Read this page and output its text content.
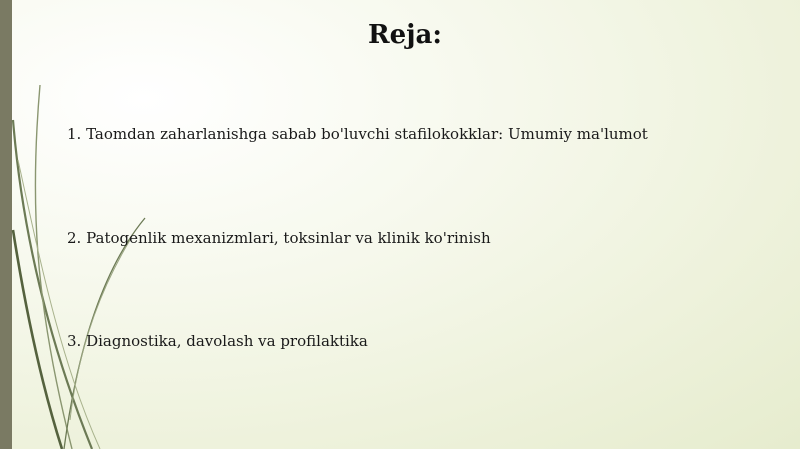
Reja:
1. Taomdan zaharlanishga sabab bo'luvchi stafilokokklar: Umumiy ma'lumot
2. Patogenlik mexanizmlari, toksinlar va klinik ko'rinish
3. Diagnostika, davolash va profilaktika
